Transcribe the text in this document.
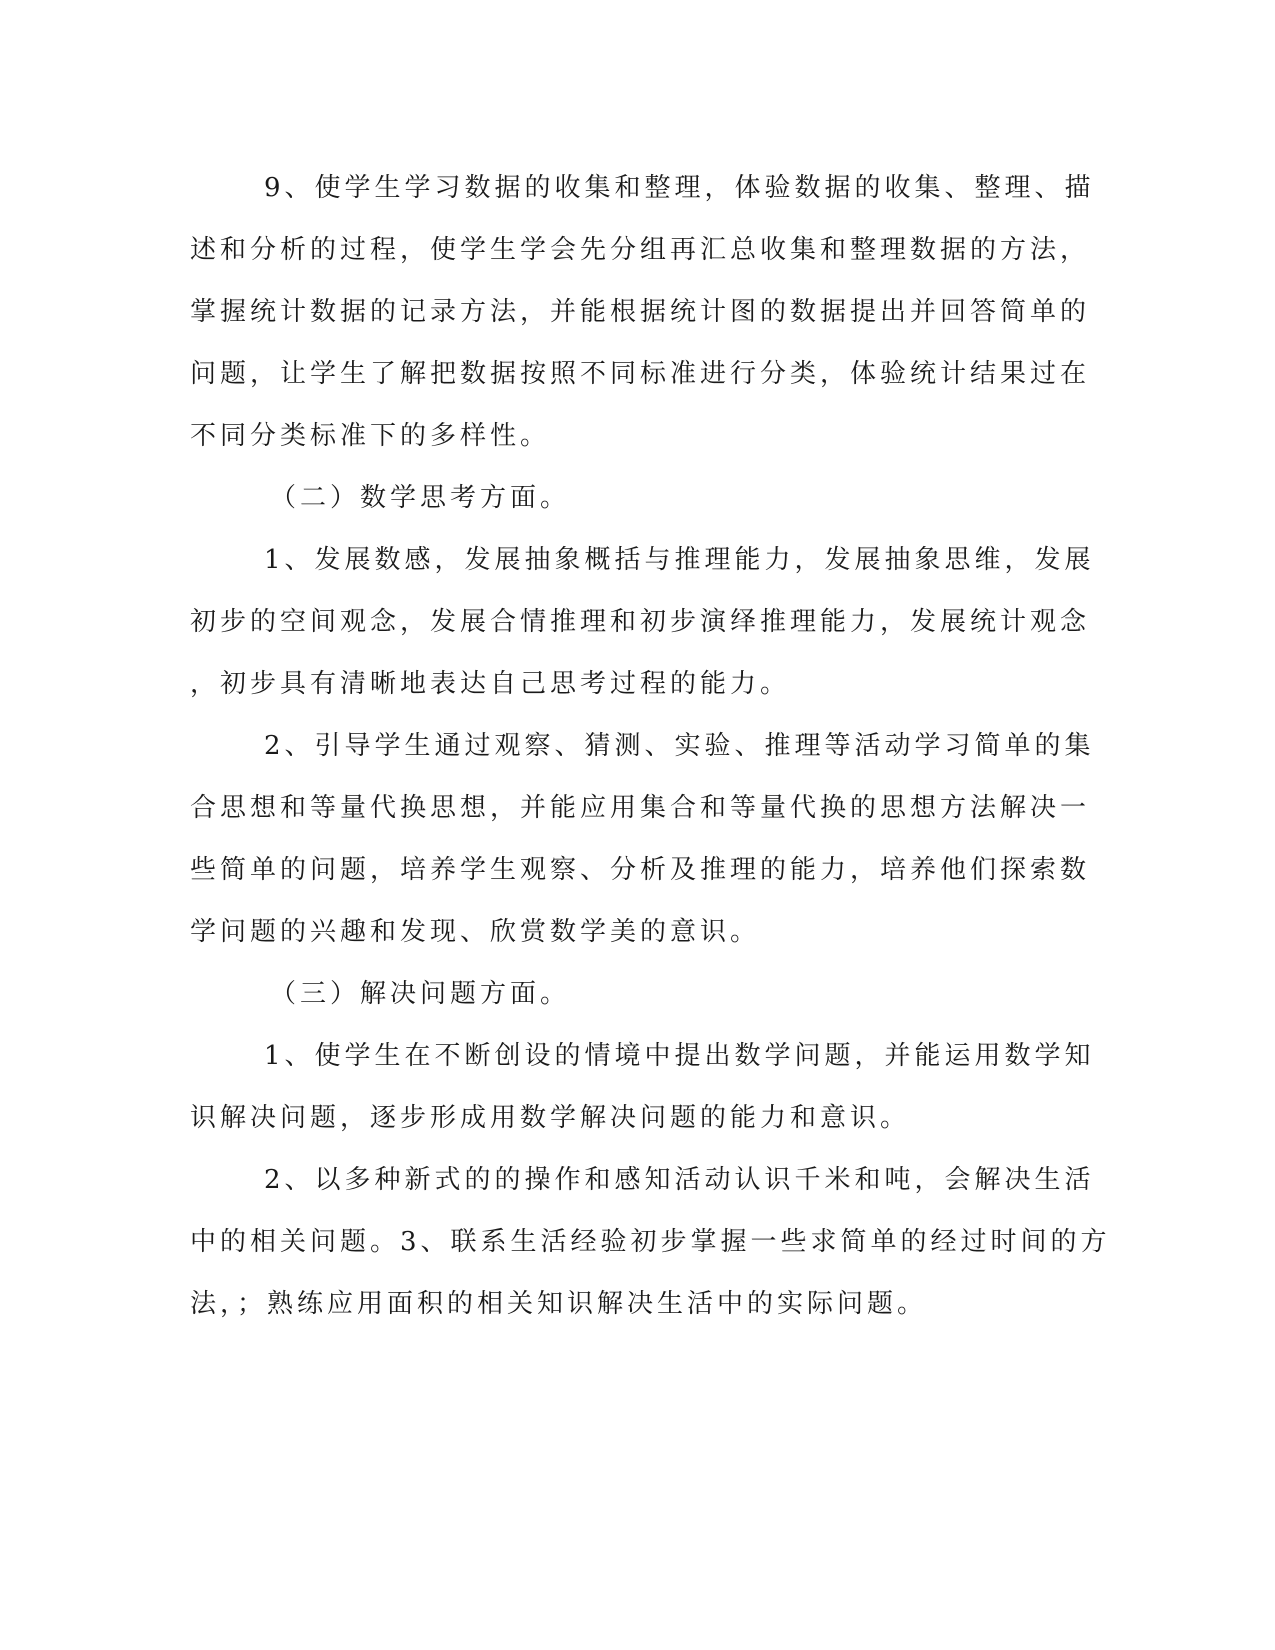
9、使学生学习数据的收集和整理，体验数据的收集、整理、描
述和分析的过程，使学生学会先分组再汇总收集和整理数据的方法，
掌握统计数据的记录方法，并能根据统计图的数据提出并回答简单的
问题，让学生了解把数据按照不同标准进行分类，体验统计结果过在
不同分类标准下的多样性。
（二）数学思考方面。
1、发展数感，发展抽象概括与推理能力，发展抽象思维，发展
初步的空间观念，发展合情推理和初步演绎推理能力，发展统计观念
，初步具有清晰地表达自己思考过程的能力。
2、引导学生通过观察、猜测、实验、推理等活动学习简单的集
合思想和等量代换思想，并能应用集合和等量代换的思想方法解决一
些简单的问题，培养学生观察、分析及推理的能力，培养他们探索数
学问题的兴趣和发现、欣赏数学美的意识。
（三）解决问题方面。
1、使学生在不断创设的情境中提出数学问题，并能运用数学知
识解决问题，逐步形成用数学解决问题的能力和意识。
2、以多种新式的的操作和感知活动认识千米和吨，会解决生活
中的相关问题。3、联系生活经验初步掌握一些求简单的经过时间的方
法，；熟练应用面积的相关知识解决生活中的实际问题。
